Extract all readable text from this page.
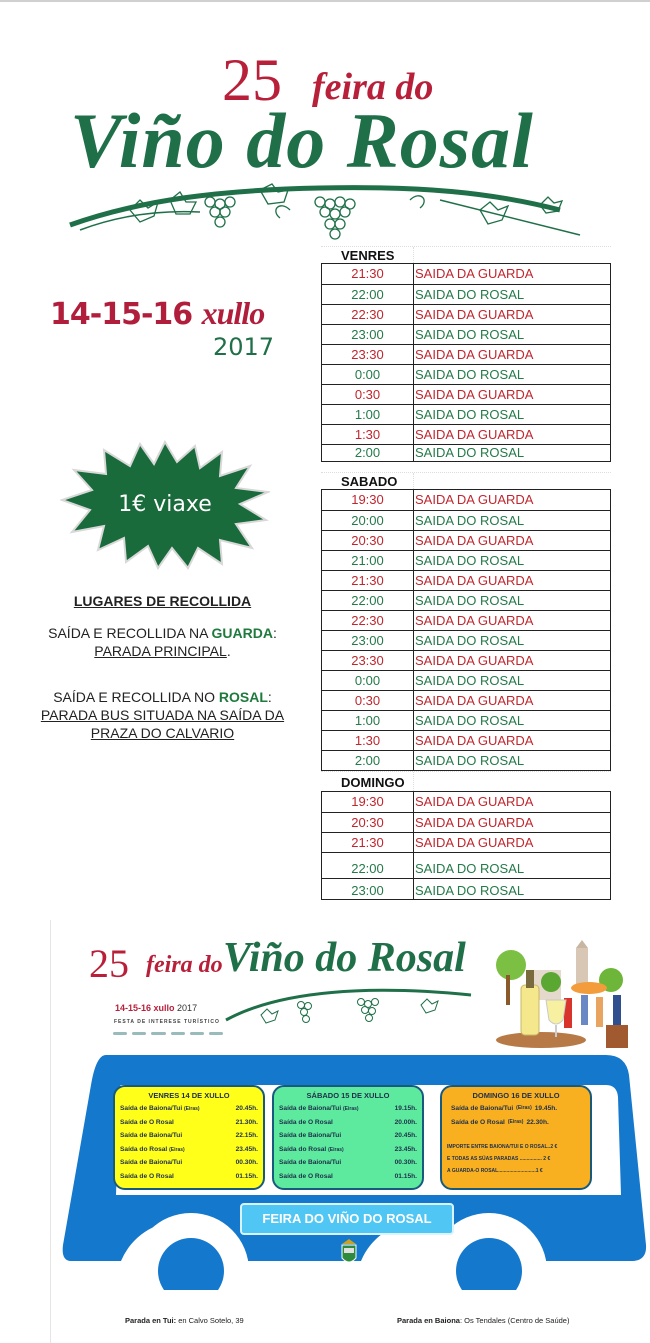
25 feira do
Viño do Rosal
14-15-16 xullo
2017
1€ viaxe
LUGARES DE RECOLLIDA
SAÍDA E RECOLLIDA NA GUARDA:
PARADA PRINCIPAL.
SAÍDA E RECOLLIDA NO ROSAL: PARADA BUS SITUADA NA SAÍDA DA PRAZA DO CALVARIO
VENRES
21:30	SAIDA DA GUARDA
22:00	SAIDA DO ROSAL
22:30	SAIDA DA GUARDA
23:00	SAIDA DO ROSAL
23:30	SAIDA DA GUARDA
0:00	SAIDA DO ROSAL
0:30	SAIDA DA GUARDA
1:00	SAIDA DO ROSAL
1:30	SAIDA DA GUARDA
2:00	SAIDA DO ROSAL
SABADO
19:30	SAIDA DA GUARDA
20:00	SAIDA DO ROSAL
20:30	SAIDA DA GUARDA
21:00	SAIDA DO ROSAL
21:30	SAIDA DA GUARDA
22:00	SAIDA DO ROSAL
22:30	SAIDA DA GUARDA
23:00	SAIDA DO ROSAL
23:30	SAIDA DA GUARDA
0:00	SAIDA DO ROSAL
0:30	SAIDA DA GUARDA
1:00	SAIDA DO ROSAL
1:30	SAIDA DA GUARDA
2:00	SAIDA DO ROSAL
DOMINGO
19:30	SAIDA DA GUARDA
20:30	SAIDA DA GUARDA
21:30	SAIDA DA GUARDA
22:00	SAIDA DO ROSAL
23:00	SAIDA DO ROSAL
25 feira do Viño do Rosal
14-15-16 xullo 2017
FESTA DE INTERESE TURÍSTICO
VENRES 14 DE XULLO
Saída de Baiona/Tui (Eiras)	20.45h.
Saída de O Rosal	21.30h.
Saída de Baiona/Tui	22.15h.
Saída do Rosal (Eiras)	23.45h.
Saída de Baiona/Tui	00.30h.
Saída de O Rosal	01.15h.
SÁBADO 15 DE XULLO
Saída de Baiona/Tui (Eiras)	19.15h.
Saída de O Rosal	20.00h.
Saída de Baiona/Tui	20.45h.
Saída do Rosal (Eiras)	23.45h.
Saída de Baiona/Tui	00.30h.
Saída de O Rosal	01.15h.
DOMINGO 16 DE XULLO
Saída de Baiona/Tui (Eiras) 19.45h.
Saída de O Rosal (Eiras) 22.30h.
IMPORTE ENTRE BAIONA/TUI E O ROSAL..2 €
E TODAS AS SÚAS PARADAS ................ 2 €
A GUARDA-O ROSAL...........................1 €
FEIRA DO VIÑO DO ROSAL
OROSAL
Parada en Tui: en Calvo Sotelo, 39	Parada en Baiona: Os Tendales (Centro de Saúde)
